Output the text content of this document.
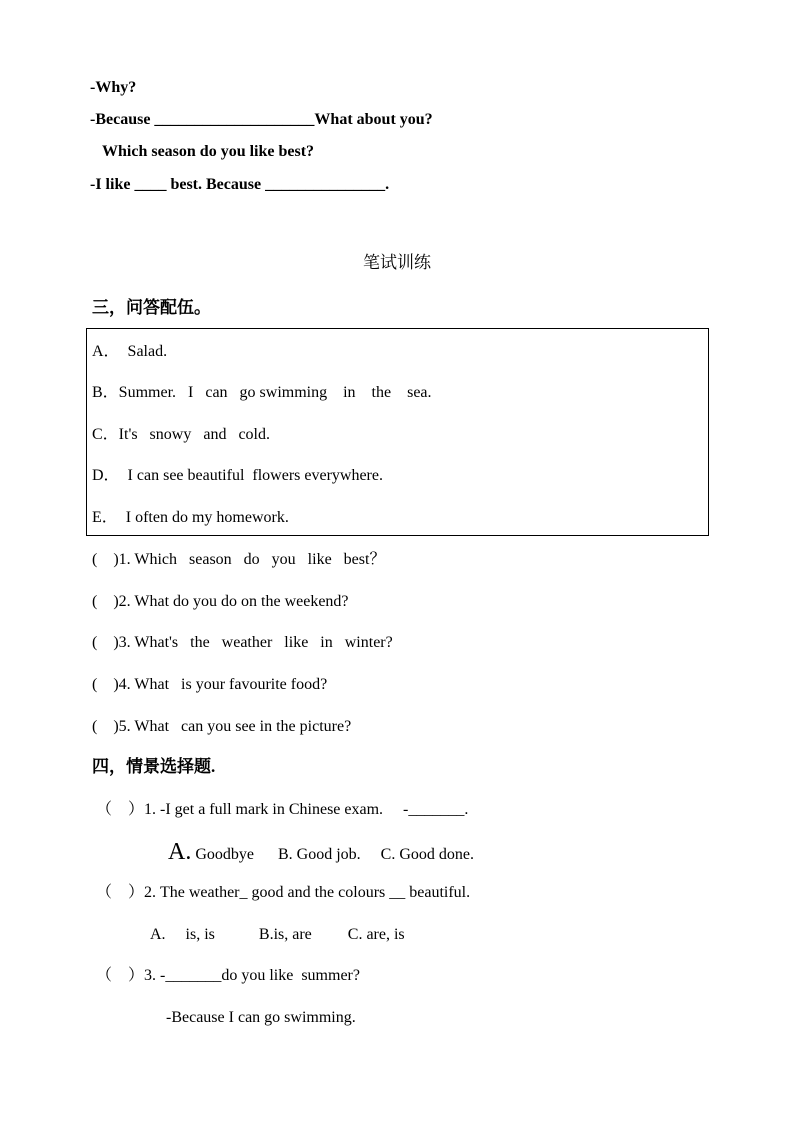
-Why?
-Because ____________________What about you?
Which season do you like best?
-I like ____ best. Because _______________.
笔试训练
三，问答配伍。
A．  Salad.
B．Summer.   I   can   go swimming    in    the    sea.
C．It's   snowy   and   cold.
D．  I can see beautiful  flowers everywhere.
E．  I often do my homework.
(    )1. Which   season   do   you   like   best？
(    )2. What do you do on the weekend?
(    )3. What's   the   weather   like   in   winter?
(    )4. What   is your favourite food?
(    )5. What   can you see in the picture?
四，情景选择题.
（    ）1. -I get a full mark in Chinese exam.     -_______.
A. Goodbye      B. Good job.     C. Good done.
（    ）2. The weather_ good and the colours __ beautiful.
A.     is, is           B.is, are         C. are, is
（    ）3. -_______do you like  summer?
-Because I can go swimming.
